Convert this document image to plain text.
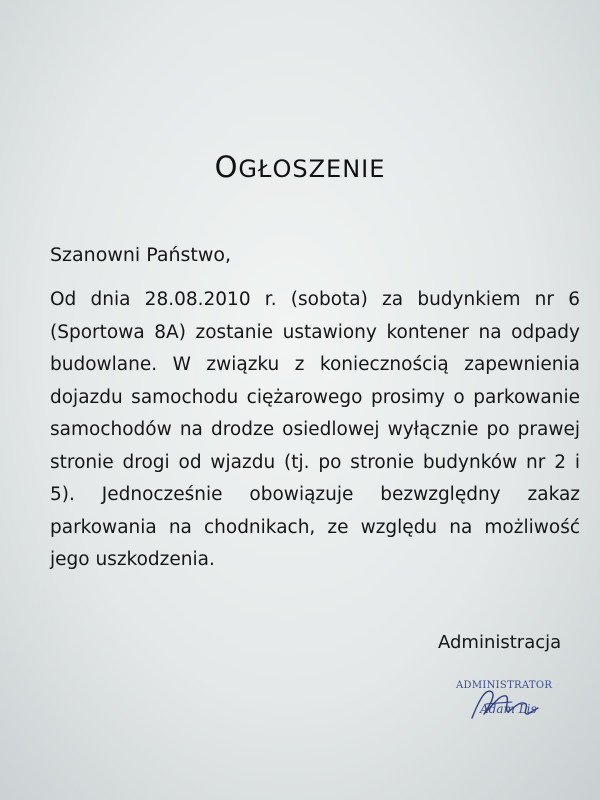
OGŁOSZENIE
Szanowni Państwo,

Od dnia 28.08.2010 r. (sobota) za budynkiem nr 6 (Sportowa 8A) zostanie ustawiony kontener na odpady budowlane. W związku z koniecznością zapewnienia dojazdu samochodu ciężarowego prosimy o parkowanie samochodów na drodze osiedlowej wyłącznie po prawej stronie drogi od wjazdu (tj. po stronie budynków nr 2 i 5). Jednocześnie obowiązuje bezwzględny zakaz parkowania na chodnikach, ze względu na możliwość jego uszkodzenia.

Administracja
ADMINISTRATOR
Adam Lis
